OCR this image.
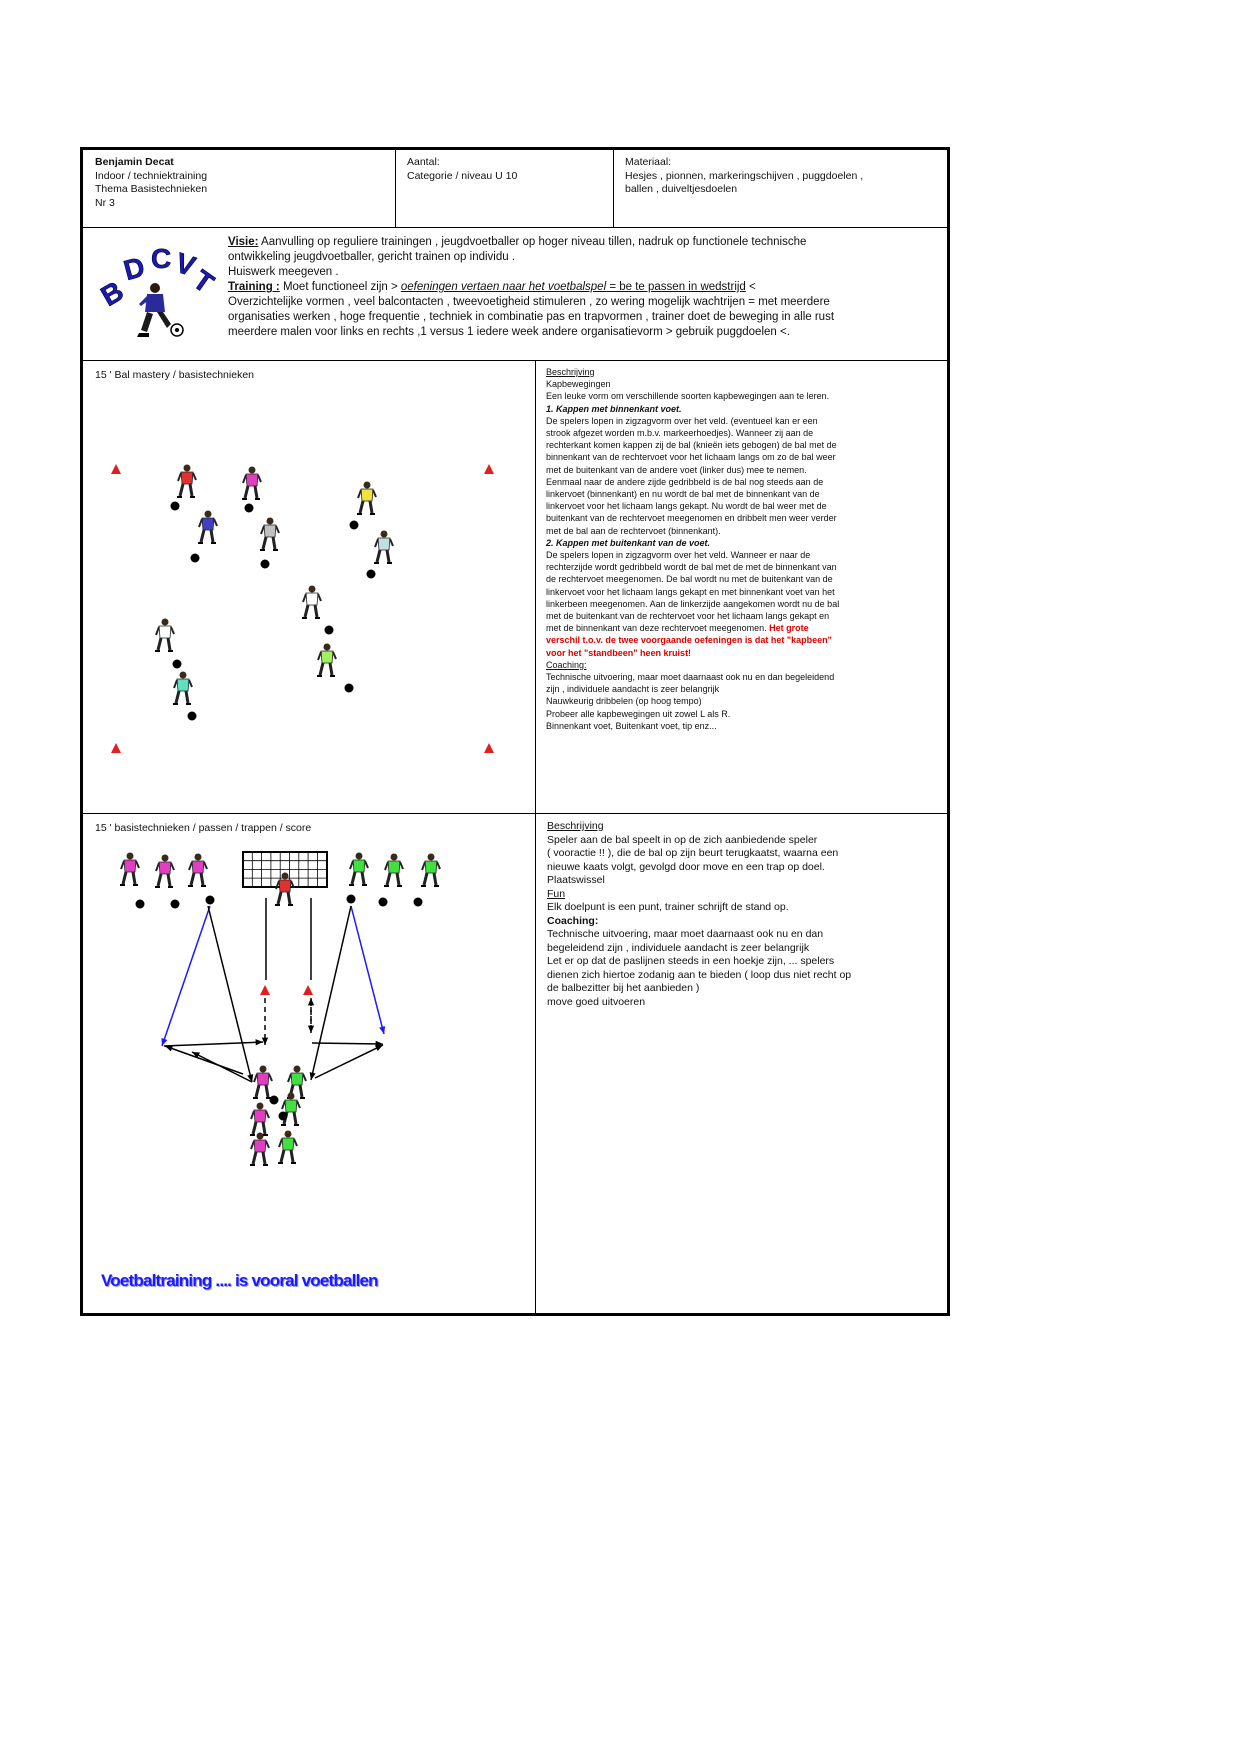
Benjamin Decat

Indoor / techniektraining

Thema Basistechnieken

Nr 3

Aantal:

Categorie / niveau U 10

Materiaal:

Hesjes , pionnen, markeringschijven , puggdoelen ,

ballen , duiveltjesdoelen

B
D C V
T

Visie: Aanvulling op reguliere trainingen , jeugdvoetballer op hoger niveau tillen, nadruk op functionele technische

ontwikkeling jeugdvoetballer, gericht trainen op individu .

Huiswerk meegeven .

Training : Moet functioneel zijn > oefeningen vertaen naar het voetbalspel = be te passen in wedstrijd <

Overzichtelijke vormen , veel balcontacten , tweevoetigheid stimuleren , zo wering mogelijk wachtrijen = met meerdere

organisaties werken , hoge frequentie , techniek in combinatie pas en trapvormen , trainer doet de beweging in alle rust

meerdere malen voor links en rechts ,1 versus 1 iedere week andere organisatievorm > gebruik puggdoelen <.

15 ' Bal mastery / basistechnieken	Beschrijving

Kapbewegingen

Een leuke vorm om verschillende soorten kapbewegingen aan te leren.

1. Kappen met binnenkant voet.

De spelers lopen in zigzagvorm over het veld. (eventueel kan er een

strook afgezet worden m.b.v. markeerhoedjes). Wanneer zij aan de

rechterkant komen kappen zij de bal (knieën iets gebogen) de bal met de

binnenkant van de rechtervoet voor het lichaam langs om zo de bal weer

met de buitenkant van de andere voet (linker dus) mee te nemen.

Eenmaal naar de andere zijde gedribbeld is de bal nog steeds aan de

linkervoet (binnenkant) en nu wordt de bal met de binnenkant van de

linkervoet voor het lichaam langs gekapt. Nu wordt de bal weer met de

buitenkant van de rechtervoet meegenomen en dribbelt men weer verder

met de bal aan de rechtervoet (binnenkant).

2. Kappen met buitenkant van de voet.

De spelers lopen in zigzagvorm over het veld. Wanneer er naar de

rechterzijde wordt gedribbeld wordt de bal met de met de binnenkant van

de rechtervoet meegenomen. De bal wordt nu met de buitenkant van de

linkervoet voor het lichaam langs gekapt en met binnenkant voet van het

linkerbeen meegenomen. Aan de linkerzijde aangekomen wordt nu de bal

met de buitenkant van de rechtervoet voor het lichaam langs gekapt en

met de binnenkant van deze rechtervoet meegenomen. Het grote

verschil t.o.v. de twee voorgaande oefeningen is dat het "kapbeen"

voor het "standbeen" heen kruist!

Coaching:

Technische uitvoering, maar moet daarnaast ook nu en dan begeleidend

zijn , individuele aandacht is zeer belangrijk

Nauwkeurig dribbelen (op hoog tempo)

Probeer alle kapbewegingen uit zowel L als R.

Binnenkant voet, Buitenkant voet, tip enz...

15 ' basistechnieken / passen / trappen / score

Voetbaltraining .... is vooral voetballen

Beschrijving

Speler aan de bal speelt in op de zich aanbiedende speler

( vooractie !! ), die de bal op zijn beurt terugkaatst, waarna een

nieuwe kaats volgt, gevolgd door move en een trap op doel.

Plaatswissel

Fun

Elk doelpunt is een punt, trainer schrijft de stand op.

Coaching:

Technische uitvoering, maar moet daarnaast ook nu en dan

begeleidend zijn , individuele aandacht is zeer belangrijk

Let er op dat de paslijnen steeds in een hoekje zijn, ... spelers

dienen zich hiertoe zodanig aan te bieden ( loop dus niet recht op

de balbezitter bij het aanbieden )

move goed uitvoeren
